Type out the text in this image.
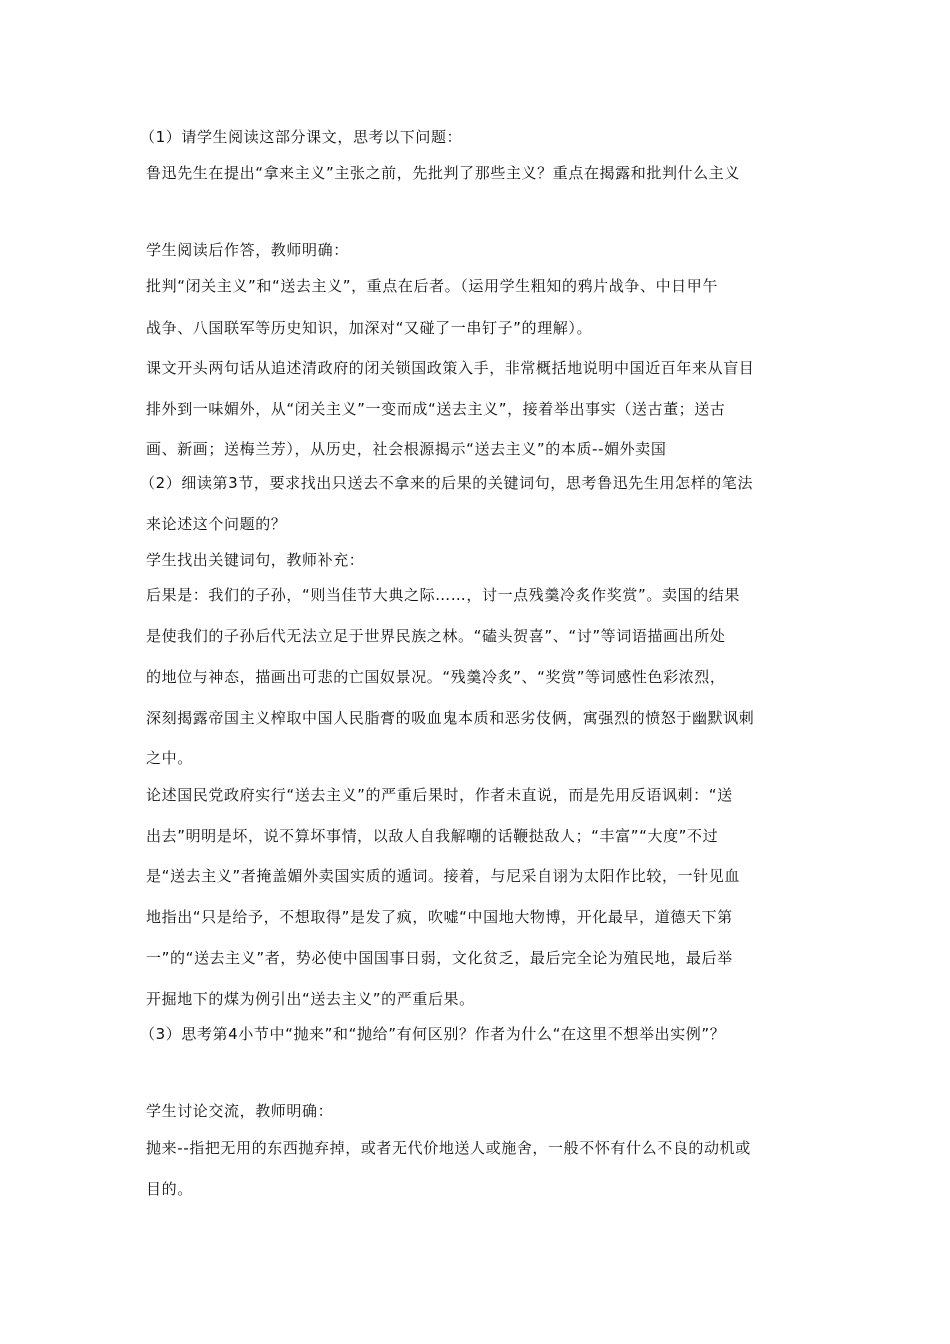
（1）请学生阅读这部分课文，思考以下问题：
鲁迅先生在提出“拿来主义”主张之前，先批判了那些主义？重点在揭露和批判什么主义
学生阅读后作答，教师明确：
批判“闭关主义”和“送去主义”，重点在后者。（运用学生粗知的鸦片战争、中日甲午
战争、八国联军等历史知识，加深对“又碰了一串钉子”的理解）。
课文开头两句话从追述清政府的闭关锁国政策入手，非常概括地说明中国近百年来从盲目
排外到一味媚外，从“闭关主义”一变而成“送去主义”，接着举出事实（送古董；送古
画、新画；送梅兰芳），从历史，社会根源揭示“送去主义”的本质--媚外卖国
（2）细读第3节，要求找出只送去不拿来的后果的关键词句，思考鲁迅先生用怎样的笔法
来论述这个问题的？
学生找出关键词句，教师补充：
后果是：我们的子孙，“则当佳节大典之际……，讨一点残羹冷炙作奖赏”。卖国的结果
是使我们的子孙后代无法立足于世界民族之林。“磕头贺喜”、“讨”等词语描画出所处
的地位与神态，描画出可悲的亡国奴景况。“残羹冷炙”、“奖赏”等词感性色彩浓烈，
深刻揭露帝国主义榨取中国人民脂膏的吸血鬼本质和恶劣伎俩，寓强烈的愤怒于幽默讽刺
之中。
论述国民党政府实行“送去主义”的严重后果时，作者未直说，而是先用反语讽刺：“送
出去”明明是坏，说不算坏事情，以敌人自我解嘲的话鞭挞敌人；“丰富”“大度”不过
是“送去主义”者掩盖媚外卖国实质的遁词。接着，与尼采自诩为太阳作比较，一针见血
地指出“只是给予，不想取得”是发了疯，吹嘘“中国地大物博，开化最早，道德天下第
一”的“送去主义”者，势必使中国国事日弱，文化贫乏，最后完全论为殖民地，最后举
开掘地下的煤为例引出“送去主义”的严重后果。
（3）思考第4小节中“抛来”和“抛给”有何区别？作者为什么“在这里不想举出实例”？
学生讨论交流，教师明确：
抛来--指把无用的东西抛弃掉，或者无代价地送人或施舍，一般不怀有什么不良的动机或
目的。
